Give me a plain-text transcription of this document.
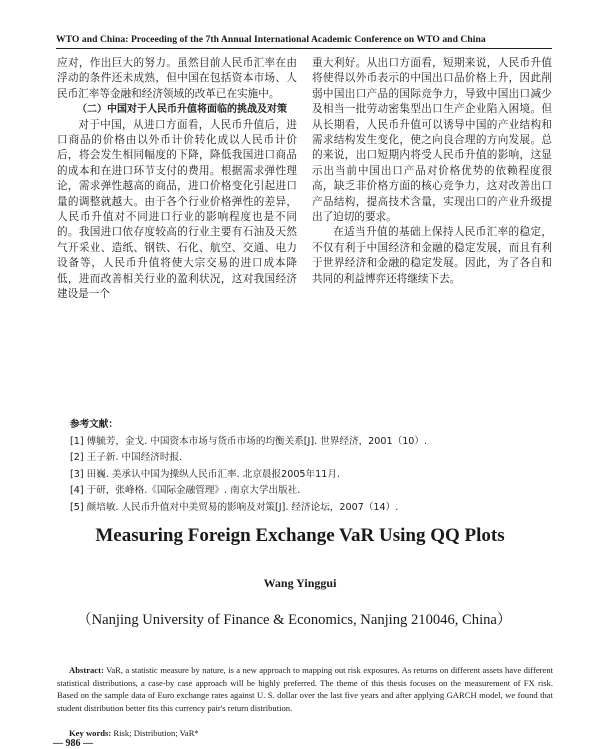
WTO and China: Proceeding of the 7th Annual International Academic Conference on WTO and China

应对，作出巨大的努力。虽然目前人民币汇率在由浮动的条件还未成熟，但中国在包括资本市场、人民币汇率等金融和经济领域的改革已在实施中。

（二）中国对于人民币升值将面临的挑战及对策

对于中国，从进口方面看，人民币升值后，进口商品的价格由以外币计价转化成以人民币计价后，将会发生相同幅度的下降，降低我国进口商品的成本和在进口环节支付的费用。根据需求弹性理论，需求弹性越高的商品，进口价格变化引起进口量的调整就越大。由于各个行业价格弹性的差异，人民币升值对不同进口行业的影响程度也是不同的。我国进口依存度较高的行业主要有石油及天然气开采业、造纸、钢铁、石化、航空、交通、电力设备等，人民币升值将使大宗交易的进口成本降低，进而改善相关行业的盈利状况，这对我国经济建设是一个

重大利好。从出口方面看，短期来说，人民币升值将使得以外币表示的中国出口品价格上升，因此削弱中国出口产品的国际竞争力，导致中国出口减少及相当一批劳动密集型出口生产企业陷入困境。但从长期看，人民币升值可以诱导中国的产业结构和需求结构发生变化，使之向良合理的方向发展。总的来说，出口短期内将受人民币升值的影响，这显示出当前中国出口产品对价格优势的依赖程度很高，缺乏非价格方面的核心竞争力，这对改善出口产品结构，提高技术含量，实现出口的产业升级提出了迫切的要求。

在适当升值的基础上保持人民币汇率的稳定，不仅有利于中国经济和金融的稳定发展，而且有利于世界经济和金融的稳定发展。因此，为了各自和共同的利益博弈还将继续下去。

参考文献：
[1] 傅毓芳，金戈. 中国资本市场与货币市场的均衡关系[J]. 世界经济，2001（10）.
[2] 王子新. 中国经济时报.
[3] 田巍. 美承认中国为操纵人民币汇率. 北京晨报2005年11月.
[4] 于研，张峰格.《国际金融管理》. 南京大学出版社.
[5] 颜培敏. 人民币升值对中美贸易的影响及对策[J]. 经济论坛，2007（14）.
Measuring Foreign Exchange VaR Using QQ Plots
Wang Yinggui
（Nanjing University of Finance & Economics, Nanjing 210046, China）
Abstract: VaR, a statistic measure by nature, is a new approach to mapping out risk exposures. As returns on different assets have different statistical distributions, a case-by case approach will be highly preferred. The theme of this thesis focuses on the measurement of FX risk. Based on the sample data of Euro exchange rates against U. S. dollar over the last five years and after applying GARCH model, we found that student distribution better fits this currency pair's return distribution.
Key words: Risk; Distribution; VaR*
— 986 —
